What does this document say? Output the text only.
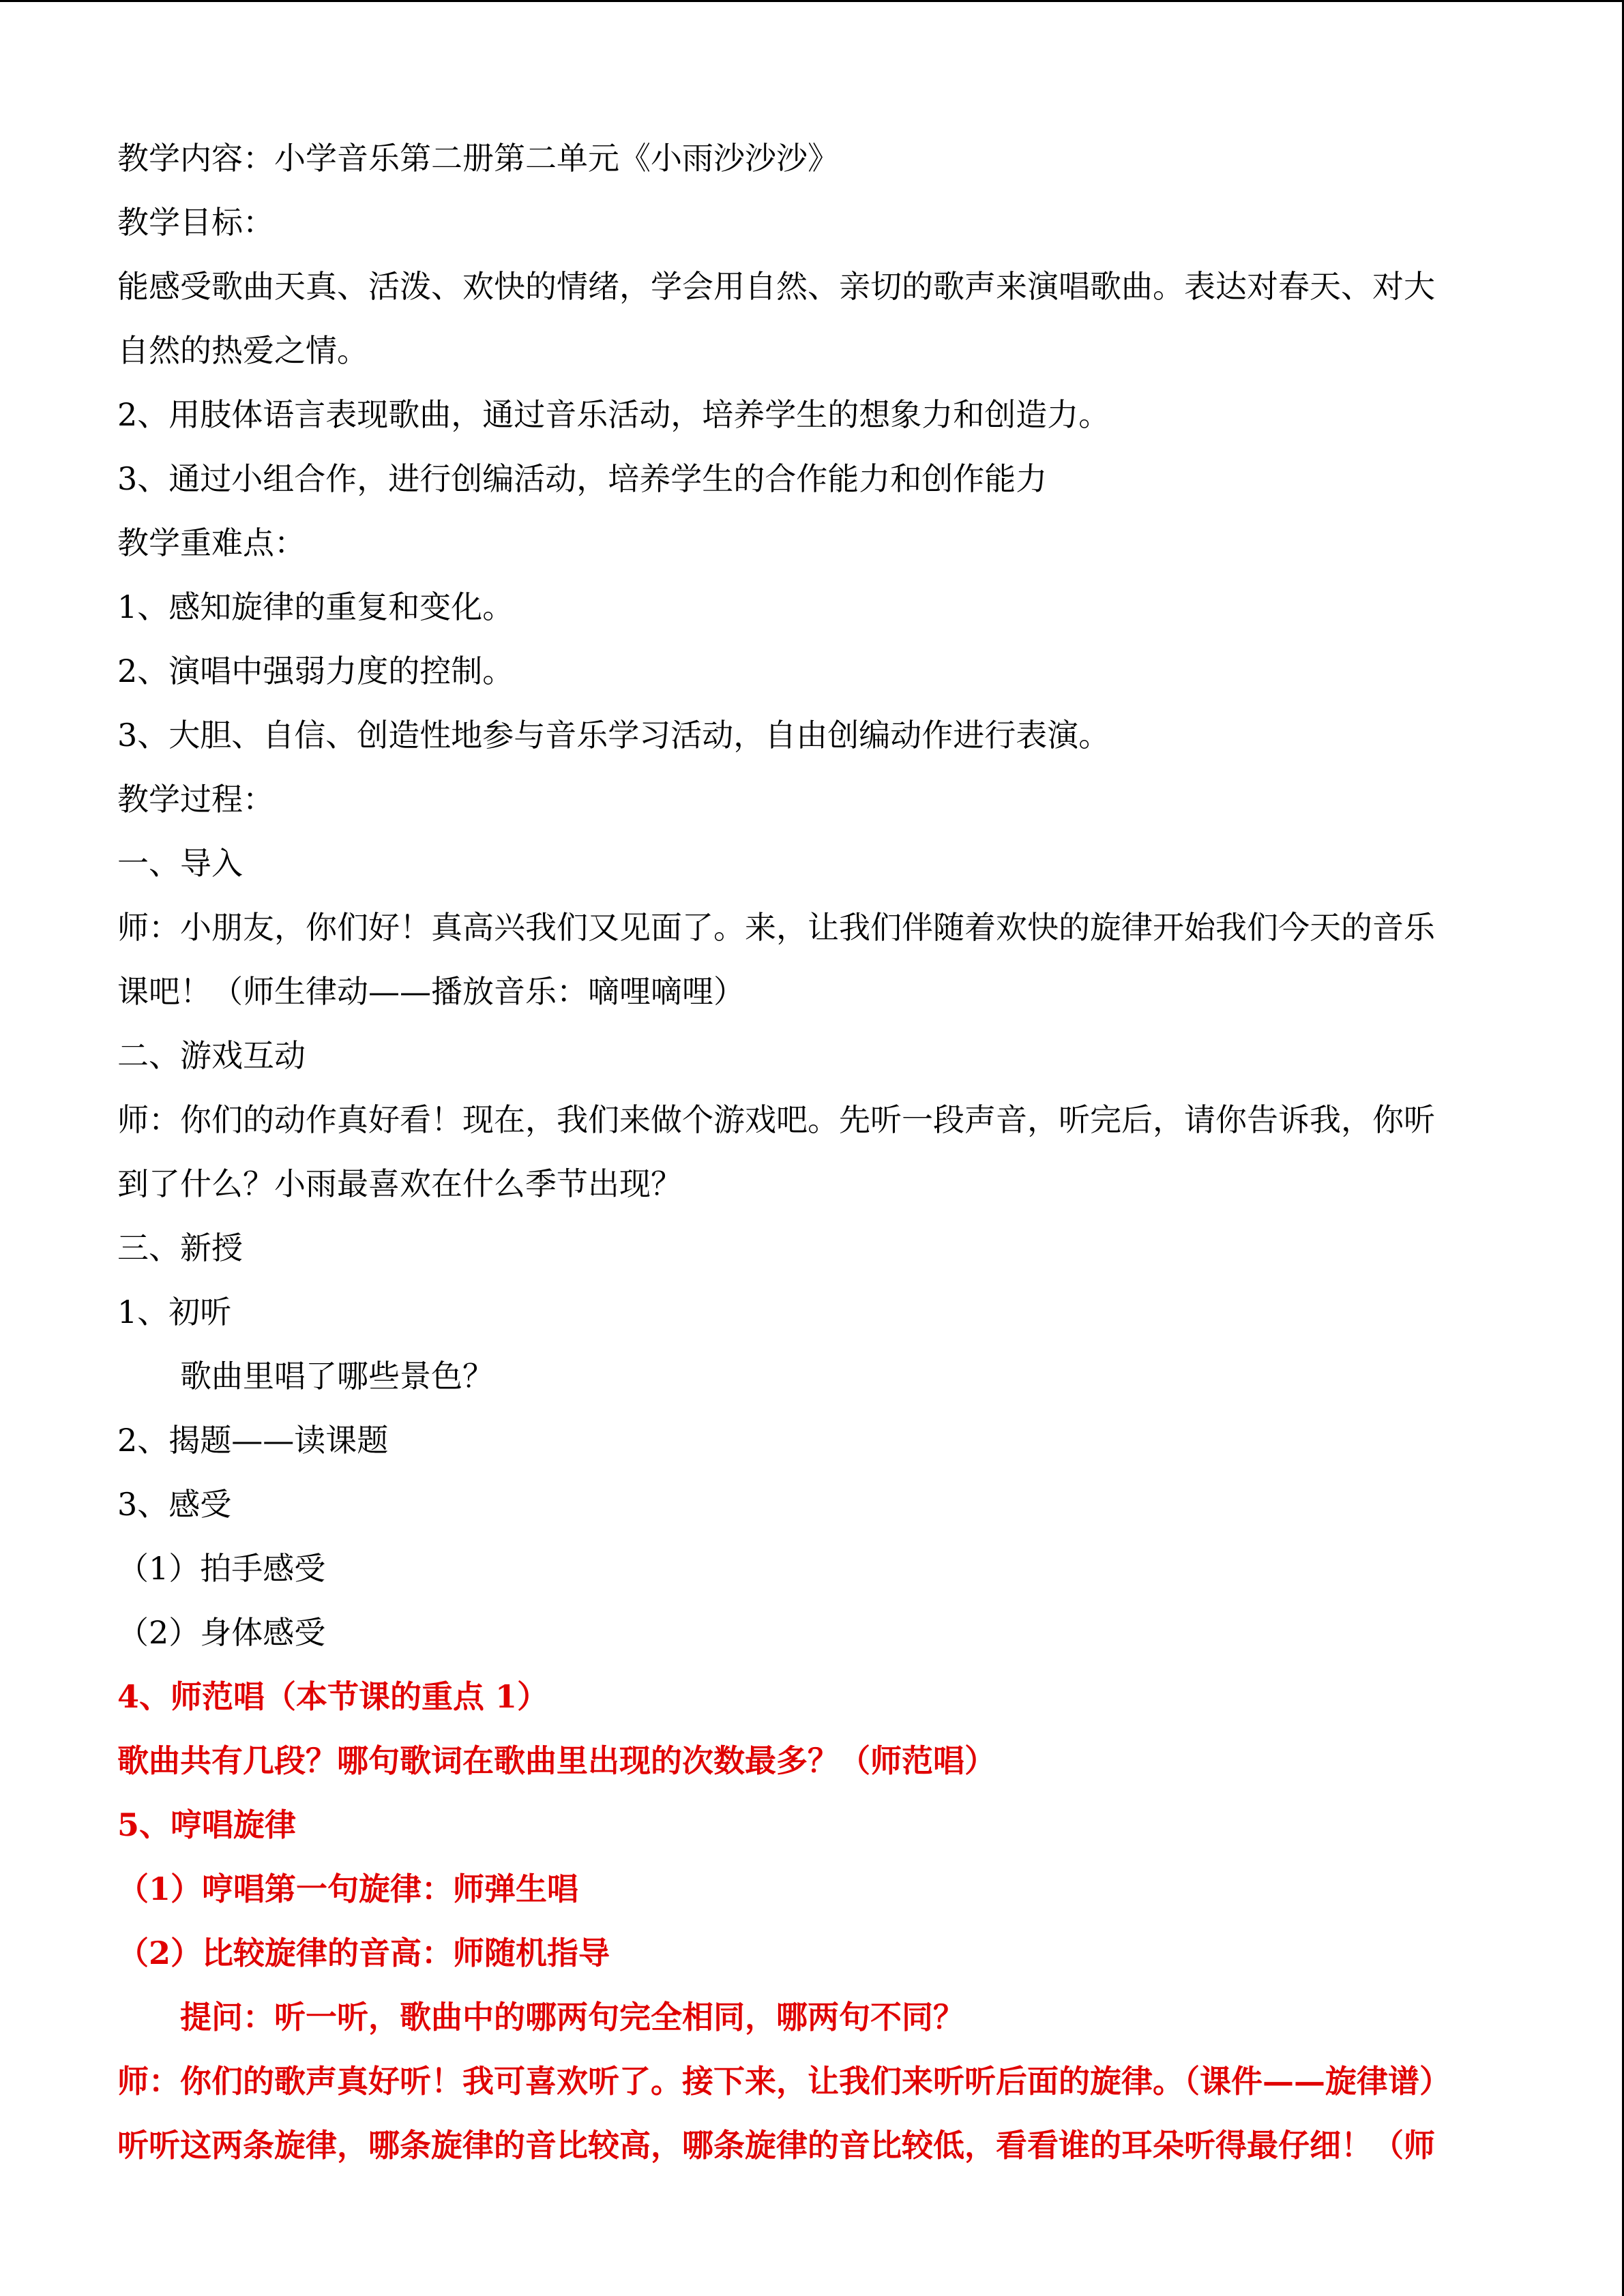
教学内容：小学音乐第二册第二单元《小雨沙沙沙》
教学目标：
能感受歌曲天真、活泼、欢快的情绪，学会用自然、亲切的歌声来演唱歌曲。表达对春天、对大
自然的热爱之情。
2、用肢体语言表现歌曲，通过音乐活动，培养学生的想象力和创造力。
3、通过小组合作，进行创编活动，培养学生的合作能力和创作能力
教学重难点：
1、感知旋律的重复和变化。
2、演唱中强弱力度的控制。
3、大胆、自信、创造性地参与音乐学习活动，自由创编动作进行表演。
教学过程：
一、导入
师：小朋友，你们好！真高兴我们又见面了。来，让我们伴随着欢快的旋律开始我们今天的音乐
课吧！（师生律动——播放音乐：嘀哩嘀哩）
二、游戏互动
师：你们的动作真好看！现在，我们来做个游戏吧。先听一段声音，听完后，请你告诉我，你听
到了什么？小雨最喜欢在什么季节出现？
三、新授
1、初听
歌曲里唱了哪些景色？
2、揭题——读课题
3、感受
（1）拍手感受
（2）身体感受
4、师范唱（本节课的重点 1）
歌曲共有几段？哪句歌词在歌曲里出现的次数最多？（师范唱）
5、哼唱旋律
（1）哼唱第一句旋律：师弹生唱
（2）比较旋律的音高：师随机指导
提问：听一听，歌曲中的哪两句完全相同，哪两句不同？
师：你们的歌声真好听！我可喜欢听了。接下来，让我们来听听后面的旋律。（课件——旋律谱）
听听这两条旋律，哪条旋律的音比较高，哪条旋律的音比较低，看看谁的耳朵听得最仔细！（师
